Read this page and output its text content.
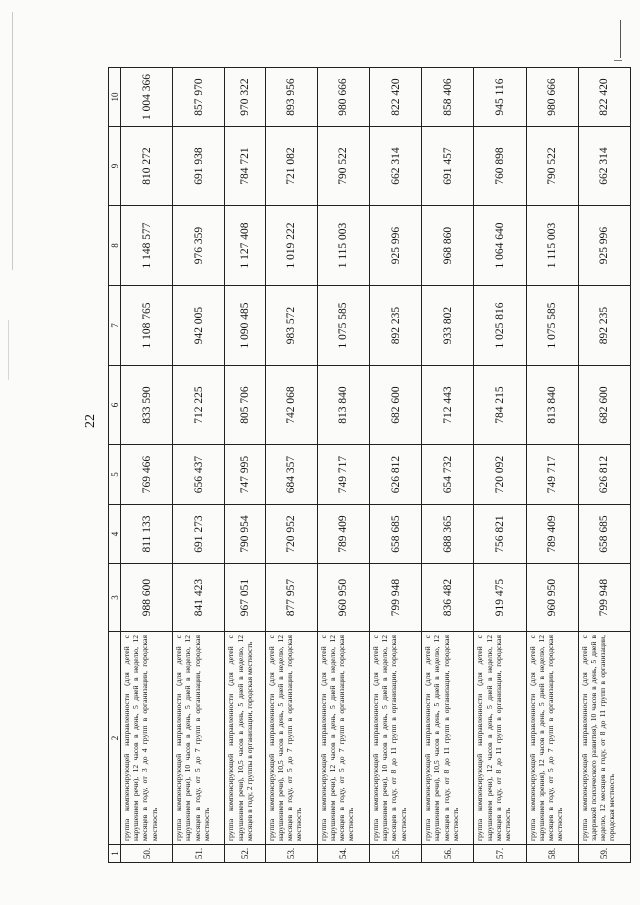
22
1	2	3	4	5	6	7	8	9	10
50.	группа компенсирующей направленности (для детей с нарушением речи), 12 часов в день, 5 дней в неделю, 12 месяцев в году, от 3 до 4 групп в организации, городская местность	988 600	811 133	769 466	833 590	1 108 765	1 148 577	810 272	1 004 366
51.	группа компенсирующей направленности (для детей с нарушением речи), 10 часов в день, 5 дней в неделю, 12 месяцев в году, от 5 до 7 групп в организации, городская местность	841 423	691 273	656 437	712 225	942 005	976 359	691 938	857 970
52.	группа компенсирующей направленности (для детей с нарушением речи), 10,5 часов в день, 5 дней в неделю, 12 месяцев в году, 2 группы в организации, городская местность	967 051	790 954	747 995	805 706	1 090 485	1 127 408	784 721	970 322
53.	группа компенсирующей направленности (для детей с нарушением речи), 10,5 часов в день, 5 дней в неделю, 12 месяцев в году, от 5 до 7 групп в организации, городская местность	877 957	720 952	684 357	742 068	983 572	1 019 222	721 082	893 956
54.	группа компенсирующей направленности (для детей с нарушением речи), 12 часов в день, 5 дней в неделю, 12 месяцев в году, от 5 до 7 групп в организации, городская местность	960 950	789 409	749 717	813 840	1 075 585	1 115 003	790 522	980 666
55.	группа компенсирующей направленности (для детей с нарушением речи), 10 часов в день, 5 дней в неделю, 12 месяцев в году, от 8 до 11 групп в организации, городская местность	799 948	658 685	626 812	682 600	892 235	925 996	662 314	822 420
56.	группа компенсирующей направленности (для детей с нарушением речи), 10,5 часов в день, 5 дней в неделю, 12 месяцев в году, от 8 до 11 групп в организации, городская местность	836 482	688 365	654 732	712 443	933 802	968 860	691 457	858 406
57.	группа компенсирующей направленности (для детей с нарушением речи), 12 часов в день, 5 дней в неделю, 12 месяцев в году, от 8 до 11 групп в организации, городская местность	919 475	756 821	720 092	784 215	1 025 816	1 064 640	760 898	945 116
58.	группа компенсирующей направленности (для детей с нарушением зрения), 12 часов в день, 5 дней в неделю, 12 месяцев в году, от 5 до 7 групп в организации, городская местность	960 950	789 409	749 717	813 840	1 075 585	1 115 003	790 522	980 666
59.	группа компенсирующей направленности (для детей с задержкой психического развития), 10 часов в день, 5 дней в неделю, 12 месяцев в году, от 8 до 11 групп в организации, городская местность	799 948	658 685	626 812	682 600	892 235	925 996	662 314	822 420
